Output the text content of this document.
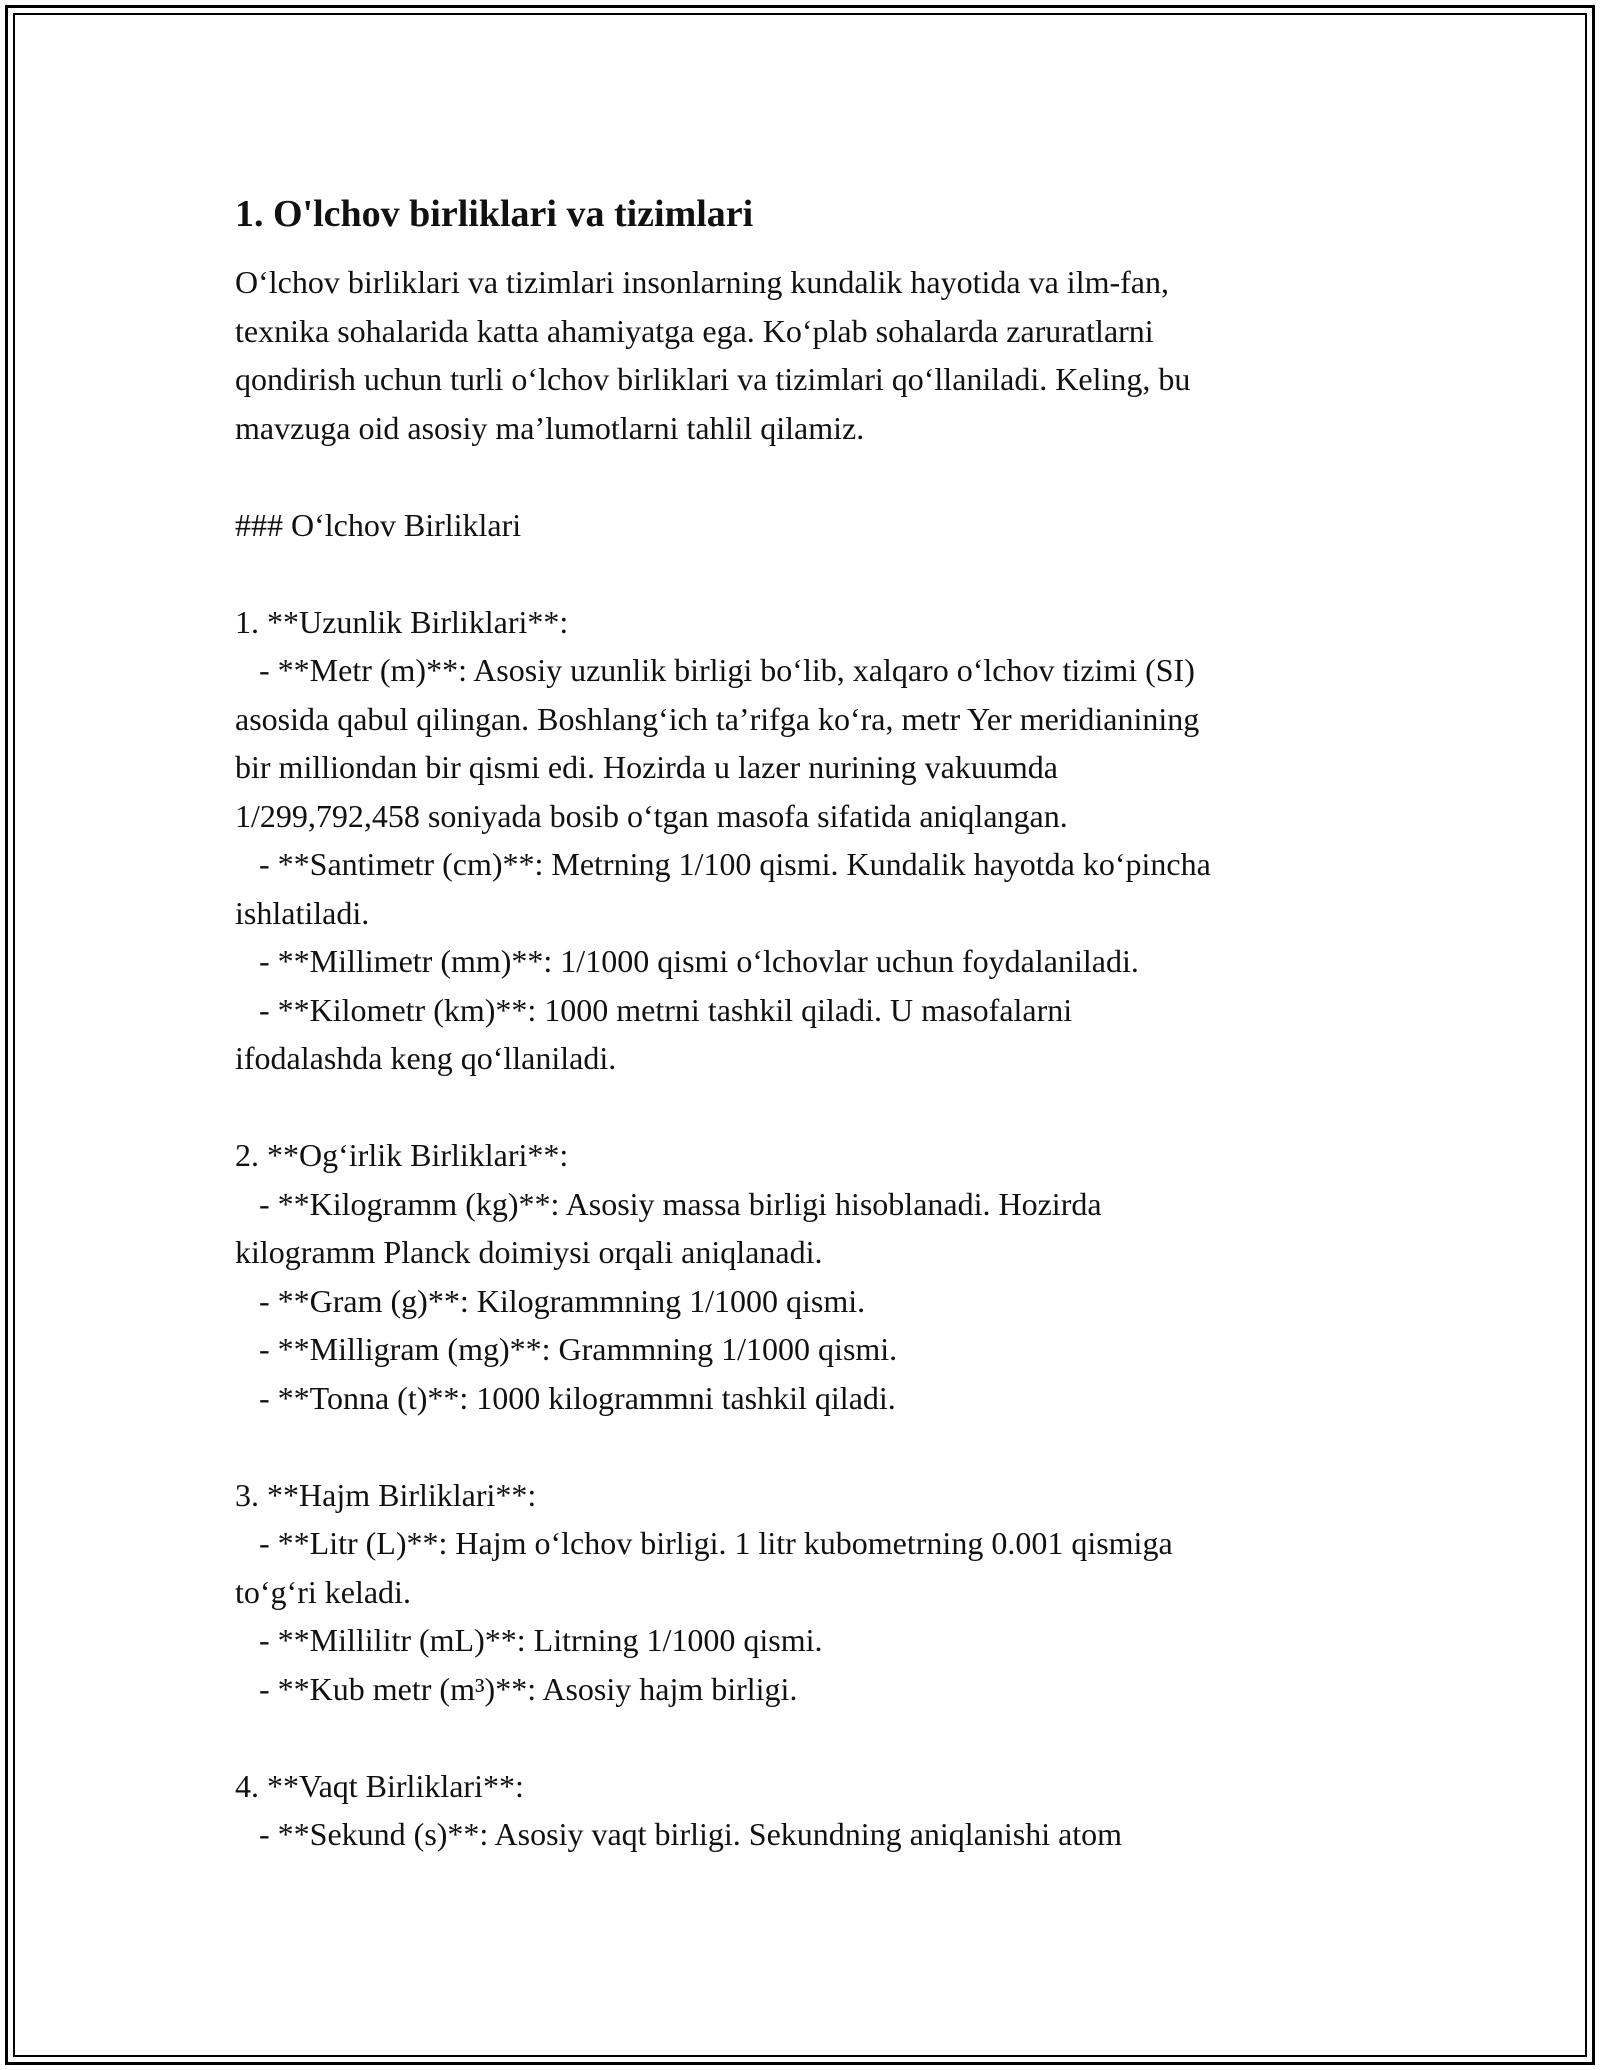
1. O'lchov birliklari va tizimlari
Oʻlchov birliklari va tizimlari insonlarning kundalik hayotida va ilm-fan,
texnika sohalarida katta ahamiyatga ega. Koʻplab sohalarda zaruratlarni
qondirish uchun turli oʻlchov birliklari va tizimlari qoʻllaniladi. Keling, bu
mavzuga oid asosiy maʼlumotlarni tahlil qilamiz.
### Oʻlchov Birliklari
1. **Uzunlik Birliklari**:
- **Metr (m)**: Asosiy uzunlik birligi boʻlib, xalqaro oʻlchov tizimi (SI)
asosida qabul qilingan. Boshlangʻich taʼrifga koʻra, metr Yer meridianining
bir milliondan bir qismi edi. Hozirda u lazer nurining vakuumda
1/299,792,458 soniyada bosib oʻtgan masofa sifatida aniqlangan.
- **Santimetr (cm)**: Metrning 1/100 qismi. Kundalik hayotda koʻpincha
ishlatiladi.
- **Millimetr (mm)**: 1/1000 qismi oʻlchovlar uchun foydalaniladi.
- **Kilometr (km)**: 1000 metrni tashkil qiladi. U masofalarni
ifodalashda keng qoʻllaniladi.
2. **Ogʻirlik Birliklari**:
- **Kilogramm (kg)**: Asosiy massa birligi hisoblanadi. Hozirda
kilogramm Planck doimiysi orqali aniqlanadi.
- **Gram (g)**: Kilogrammning 1/1000 qismi.
- **Milligram (mg)**: Grammning 1/1000 qismi.
- **Tonna (t)**: 1000 kilogrammni tashkil qiladi.
3. **Hajm Birliklari**:
- **Litr (L)**: Hajm oʻlchov birligi. 1 litr kubometrning 0.001 qismiga
toʻgʻri keladi.
- **Millilitr (mL)**: Litrning 1/1000 qismi.
- **Kub metr (m³)**: Asosiy hajm birligi.
4. **Vaqt Birliklari**:
- **Sekund (s)**: Asosiy vaqt birligi. Sekundning aniqlanishi atom
